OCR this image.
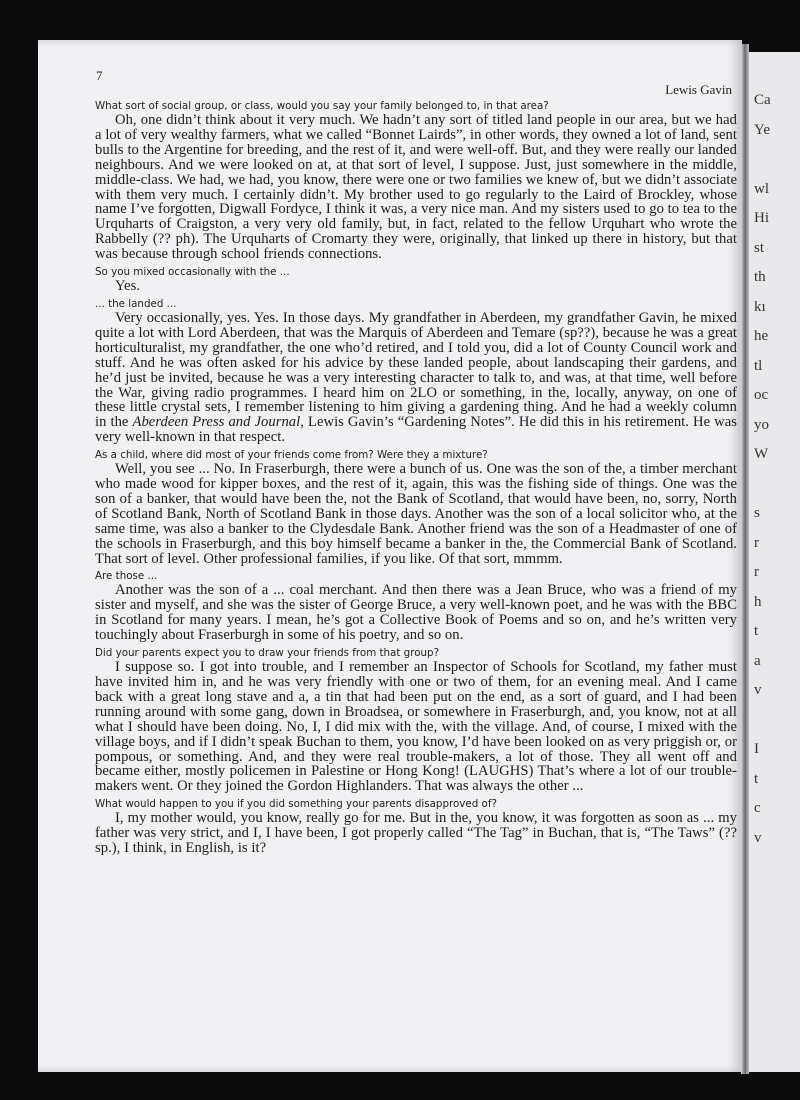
Ca
Ye
wl
Hi
st
th
kı
he
tl
oc
yo
W
s
r
r
h
t
a
v
I
t
c
v
7
Lewis Gavin

What sort of social group, or class, would you say your family belonged to, in that area?

Oh, one didn’t think about it very much. We hadn’t any sort of titled land people in our area, but we had a lot of very wealthy farmers, what we called “Bonnet Lairds”, in other words, they owned a lot of land, sent bulls to the Argentine for breeding, and the rest of it, and were well-off. But, and they were really our landed neighbours. And we were looked on at, at that sort of level, I suppose. Just, just somewhere in the middle, middle-class. We had, we had, you know, there were one or two families we knew of, but we didn’t associate with them very much. I certainly didn’t. My brother used to go regularly to the Laird of Brockley, whose name I’ve forgotten, Digwall Fordyce, I think it was, a very nice man. And my sisters used to go to tea to the Urquharts of Craigston, a very very old family, but, in fact, related to the fellow Urquhart who wrote the Rabbelly (?? ph). The Urquharts of Cromarty they were, originally, that linked up there in history, but that was because through school friends connections.

So you mixed occasionally with the ...

Yes.

... the landed ...

Very occasionally, yes. Yes. In those days. My grandfather in Aberdeen, my grandfather Gavin, he mixed quite a lot with Lord Aberdeen, that was the Marquis of Aberdeen and Temare (sp??), because he was a great horticulturalist, my grandfather, the one who’d retired, and I told you, did a lot of County Council work and stuff. And he was often asked for his advice by these landed people, about landscaping their gardens, and he’d just be invited, because he was a very interesting character to talk to, and was, at that time, well before the War, giving radio programmes. I heard him on 2LO or something, in the, locally, anyway, on one of these little crystal sets, I remember listening to him giving a gardening thing. And he had a weekly column in the Aberdeen Press and Journal, Lewis Gavin’s “Gardening Notes”. He did this in his retirement. He was very well-known in that respect.

As a child, where did most of your friends come from? Were they a mixture?

Well, you see ... No. In Fraserburgh, there were a bunch of us. One was the son of the, a timber merchant who made wood for kipper boxes, and the rest of it, again, this was the fishing side of things. One was the son of a banker, that would have been the, not the Bank of Scotland, that would have been, no, sorry, North of Scotland Bank, North of Scotland Bank in those days. Another was the son of a local solicitor who, at the same time, was also a banker to the Clydesdale Bank. Another friend was the son of a Headmaster of one of the schools in Fraserburgh, and this boy himself became a banker in the, the Commercial Bank of Scotland. That sort of level. Other professional families, if you like. Of that sort, mmmm.

Are those ...

Another was the son of a ... coal merchant. And then there was a Jean Bruce, who was a friend of my sister and myself, and she was the sister of George Bruce, a very well-known poet, and he was with the BBC in Scotland for many years. I mean, he’s got a Collective Book of Poems and so on, and he’s written very touchingly about Fraserburgh in some of his poetry, and so on.

Did your parents expect you to draw your friends from that group?

I suppose so. I got into trouble, and I remember an Inspector of Schools for Scotland, my father must have invited him in, and he was very friendly with one or two of them, for an evening meal. And I came back with a great long stave and a, a tin that had been put on the end, as a sort of guard, and I had been running around with some gang, down in Broadsea, or somewhere in Fraserburgh, and, you know, not at all what I should have been doing. No, I, I did mix with the, with the village. And, of course, I mixed with the village boys, and if I didn’t speak Buchan to them, you know, I’d have been looked on as very priggish or, or pompous, or something. And, and they were real trouble-makers, a lot of those. They all went off and became either, mostly policemen in Palestine or Hong Kong! (LAUGHS) That’s where a lot of our trouble-makers went. Or they joined the Gordon Highlanders. That was always the other ...

What would happen to you if you did something your parents disapproved of?

I, my mother would, you know, really go for me. But in the, you know, it was forgotten as soon as ... my father was very strict, and I, I have been, I got properly called “The Tag” in Buchan, that is, “The Taws” (?? sp.), I think, in English, is it?
